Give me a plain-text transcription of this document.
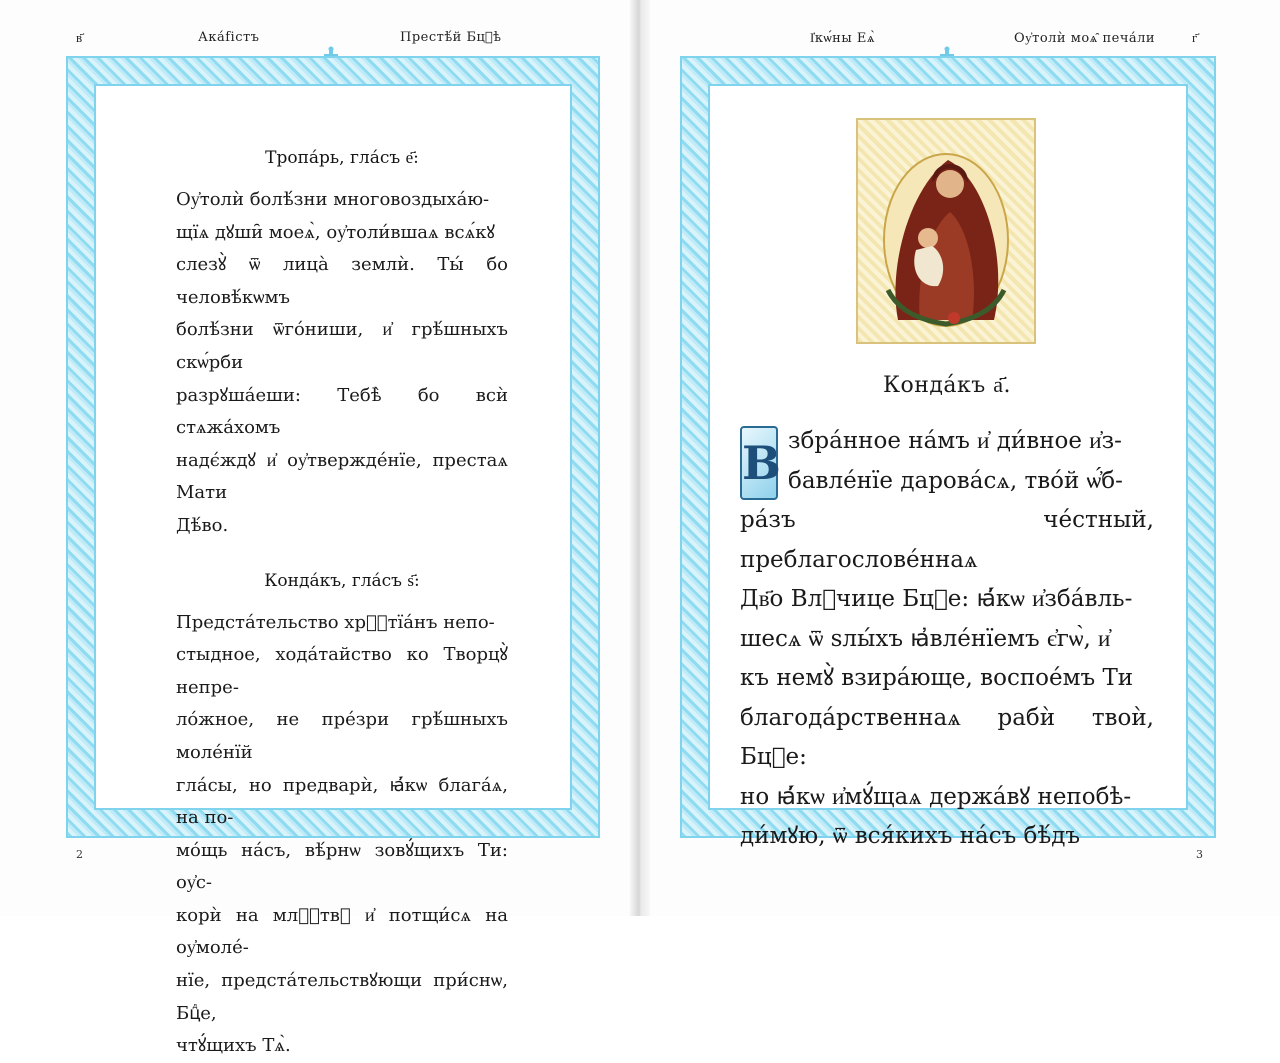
в҃	Ака́fістъ	Престѣ́й Бцⷣѣ

Тропа́рь, гла́съ е҃:

Оу҆толѝ болѣ́зни многовоздыха́ю-
щїѧ дꙋши̑ моеѧ̀, оу҆толи́вшаѧ всѧ́кꙋ
слезꙋ̀ ѿ лица̀ землѝ. Ты́ бо человѣ́кѡмъ
болѣ́зни ѿго́ниши, и҆ грѣ́шныхъ скѡ́рби
разрꙋша́еши: Тебѣ̀ бо всѝ стѧжа́хомъ
надє́ждꙋ и҆ оу҆твержде́нїе, престаѧ Мати
Дѣ́во.

Конда́къ, гла́съ ѕ҃:

Предста́тельство хрⷭ҇тїа́нъ непо-
стыдное, хода́тайство ко Творцꙋ̀ непре-
ло́жное, не пре́зри грѣ́шныхъ моле́нїй
гла́сы, но предварѝ, ꙗ҆́кѡ блага́ѧ, на по-
мо́щь на́съ, вѣ́рнѡ зовꙋ́щихъ Ти: оу҆с-
корѝ на млⷭ҇твꙋ и҆ потщи́сѧ на оу҆моле́-
нїе, предста́тельствꙋющи при́снѡ, Бцⷣе,
чтꙋ́щихъ Тѧ̀.

2
І҆кѡ́ны Еѧ̀	Оу҆толѝ моѧ̑ печа́ли	г҃

Конда́къ а҃.

В збра́нное на́мъ и҆ ди́вное и҆з-
бавле́нїе дарова́сѧ, тво́й ѡ҆́б-
ра́зъ че́стный, преблагослове́ннаѧ
Дв҃о Влⷣчице Бцⷣе: ꙗ҆́кѡ и҆зба́вль-
шесѧ ѿ ѕлы́хъ ꙗ҆вле́нїемъ є҆гѡ̀, и҆
къ немꙋ̀ взира́юще, воспое́мъ Ти
благода́рственнаѧ рабѝ твоѝ, Бцⷣе:
но ꙗ҆́кѡ и҆мꙋ́щаѧ держа́вꙋ непобѣ-
ди́мꙋю, ѿ вся́кихъ на́съ бѣ́дъ

3
